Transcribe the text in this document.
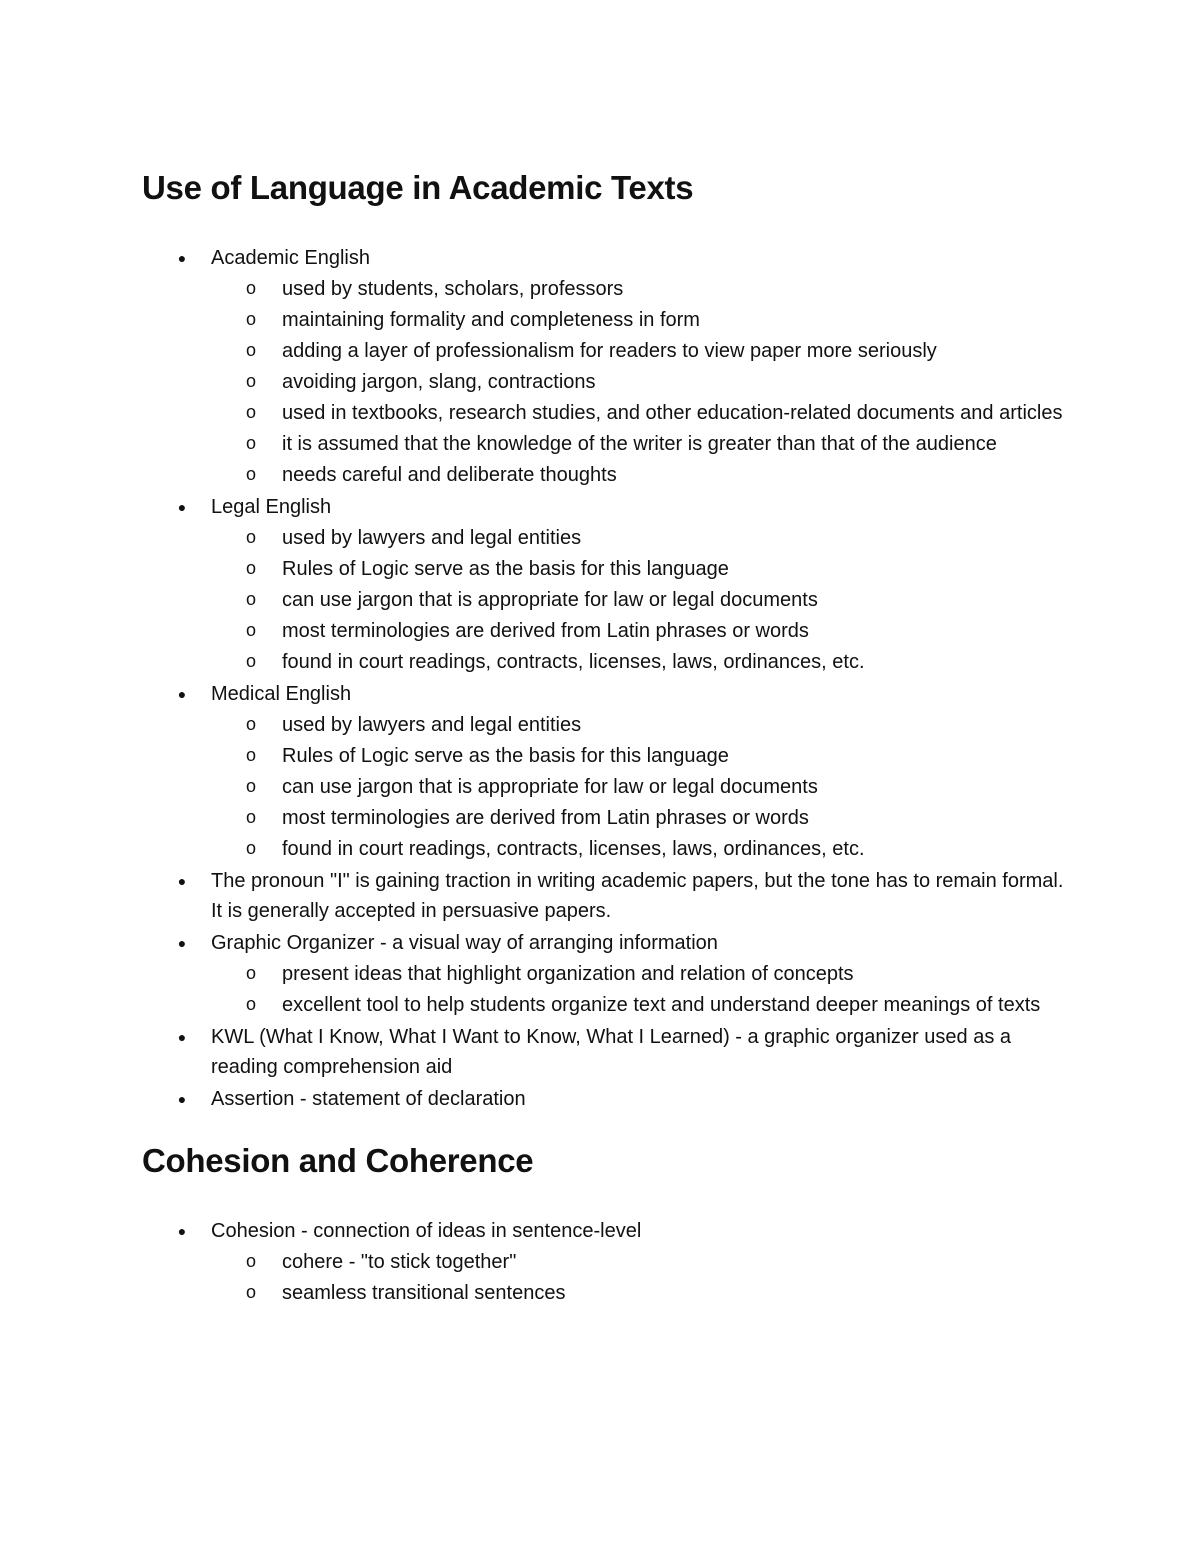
Use of Language in Academic Texts
● Academic English
o used by students, scholars, professors
o maintaining formality and completeness in form
o adding a layer of professionalism for readers to view paper more seriously
o avoiding jargon, slang, contractions
o used in textbooks, research studies, and other education-related documents and articles
o it is assumed that the knowledge of the writer is greater than that of the audience
o needs careful and deliberate thoughts
● Legal English
o used by lawyers and legal entities
o Rules of Logic serve as the basis for this language
o can use jargon that is appropriate for law or legal documents
o most terminologies are derived from Latin phrases or words
o found in court readings, contracts, licenses, laws, ordinances, etc.
● Medical English
o used by lawyers and legal entities
o Rules of Logic serve as the basis for this language
o can use jargon that is appropriate for law or legal documents
o most terminologies are derived from Latin phrases or words
o found in court readings, contracts, licenses, laws, ordinances, etc.
● The pronoun "I" is gaining traction in writing academic papers, but the tone has to remain formal. It is generally accepted in persuasive papers.
● Graphic Organizer - a visual way of arranging information
o present ideas that highlight organization and relation of concepts
o excellent tool to help students organize text and understand deeper meanings of texts
● KWL (What I Know, What I Want to Know, What I Learned) - a graphic organizer used as a reading comprehension aid
● Assertion - statement of declaration
Cohesion and Coherence
● Cohesion - connection of ideas in sentence-level
o cohere - "to stick together"
o seamless transitional sentences
